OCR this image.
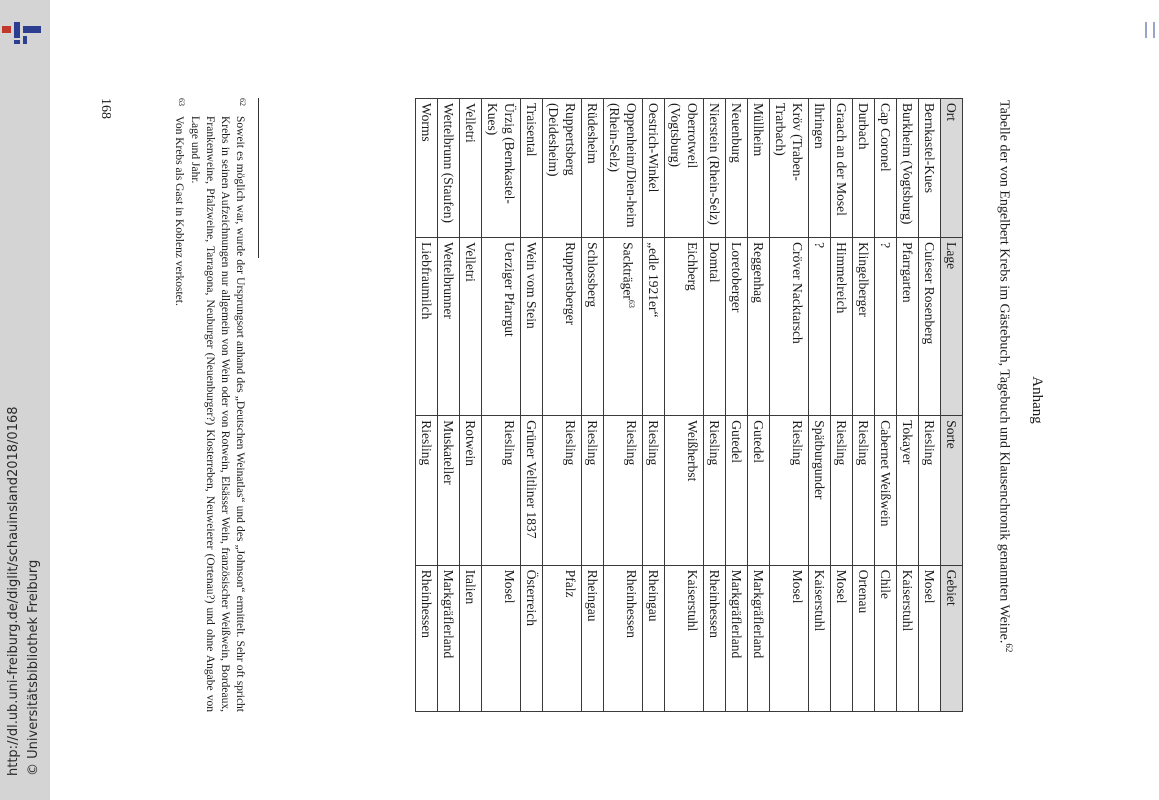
http://dl.ub.uni-freiburg.de/diglit/schauinsland2018/0168 © Universitätsbibliothek Freiburg
Anhang
Tabelle der von Engelbert Krebs im Gästebuch, Tagebuch und Klausenchronik genannten Weine.$^{62}$
Ort	Lage	Sorte	Gebiet
Bernkastel-Kues	Cuieser Rosenberg	Riesling	Mosel
Burkheim (Vogtsburg)	Pfarrgarten	Tokayer	Kaiserstuhl
Cap Coronel	?	Cabernet Weißwein	Chile
Durbach	Klingelberger	Riesling	Ortenau
Graach an der Mosel	Himmelreich	Riesling	Mosel
Ihringen	?	Spätburgunder	Kaiserstuhl
Kröv (Traben-Trarbach)	Cröver Nacktarsch	Riesling	Mosel
Müllheim	Reggenhag	Gutedel	Markgräflerland
Neuenburg	Loretoberger	Gutedel	Markgräflerland
Nierstein (Rhein-Selz)	Domtal	Riesling	Rheinhessen
Oberrotweil (Vogtsburg)	Eichberg	Weißherbst	Kaiserstuhl
Oestrich-Winkel	„edle 1921er“	Riesling	Rheingau
Oppenheim/Dien-heim (Rhein-Selz)	Sackträger$^{63}$	Riesling	Rheinhessen
Rüdesheim	Schlossberg	Riesling	Rheingau
Ruppertsberg (Deidesheim)	Ruppertsberger	Riesling	Pfalz
Traisental	Wein vom Stein	Grüner Veltliner 1837	Österreich
Ürzig (Bernkastel-Kues)	Uerziger Pfarrgut	Riesling	Mosel
Velletri	Velletri	Rotwein	Italien
Wettelbrunn (Staufen)	Wettelbrunner	Muskateller	Markgräflerland
Worms	Liebfraumilch	Riesling	Rheinhessen
62
Soweit es möglich war, wurde der Ursprungsort anhand des „Deutschen Weinatlas“ und des „Johnson“ ermittelt. Sehr oft spricht Krebs in seinen Aufzeichnungen nur allgemein von Wein oder von Rotwein, Elsässer Wein, französischer Weißwein, Bordeaux, Frankenweine, Pfalzweine, Tarragona, Neuburger (Neuenburger?) Klosterreben, Neuweierer (Ortenau?) und ohne Angabe von Lage und Jahr.
63
Von Krebs als Gast in Koblenz verkostet.
168
